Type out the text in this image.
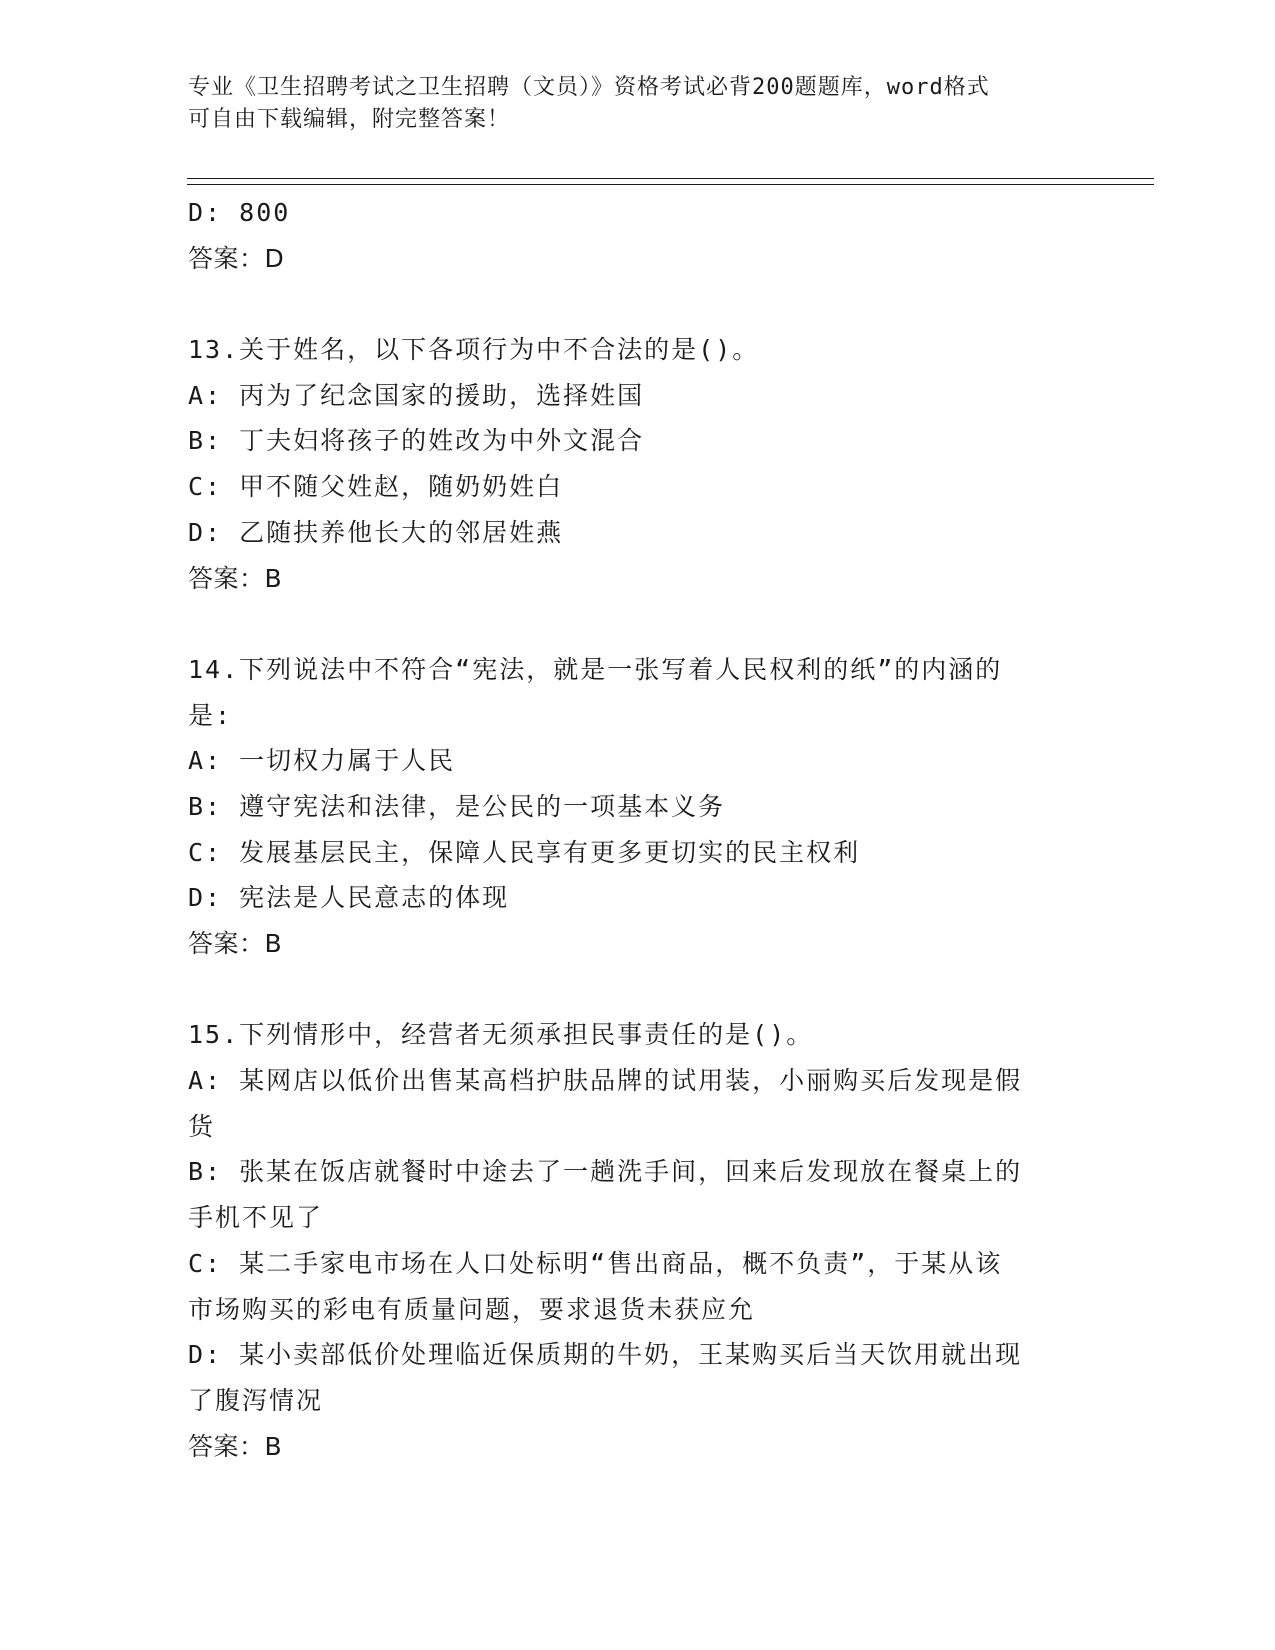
专业《卫生招聘考试之卫生招聘（文员）》资格考试必背200题题库，word格式
可自由下载编辑，附完整答案！
D: 800
答案：D
13.关于姓名，以下各项行为中不合法的是()。
A: 丙为了纪念国家的援助，选择姓国
B: 丁夫妇将孩子的姓改为中外文混合
C: 甲不随父姓赵，随奶奶姓白
D: 乙随扶养他长大的邻居姓燕
答案：B
14.下列说法中不符合“宪法，就是一张写着人民权利的纸”的内涵的
是:
A: 一切权力属于人民
B: 遵守宪法和法律，是公民的一项基本义务
C: 发展基层民主，保障人民享有更多更切实的民主权利
D: 宪法是人民意志的体现
答案：B
15.下列情形中，经营者无须承担民事责任的是()。
A: 某网店以低价出售某高档护肤品牌的试用装，小丽购买后发现是假
货
B: 张某在饭店就餐时中途去了一趟洗手间，回来后发现放在餐桌上的
手机不见了
C: 某二手家电市场在人口处标明“售出商品，概不负责”，于某从该
市场购买的彩电有质量问题，要求退货未获应允
D: 某小卖部低价处理临近保质期的牛奶，王某购买后当天饮用就出现
了腹泻情况
答案：B
